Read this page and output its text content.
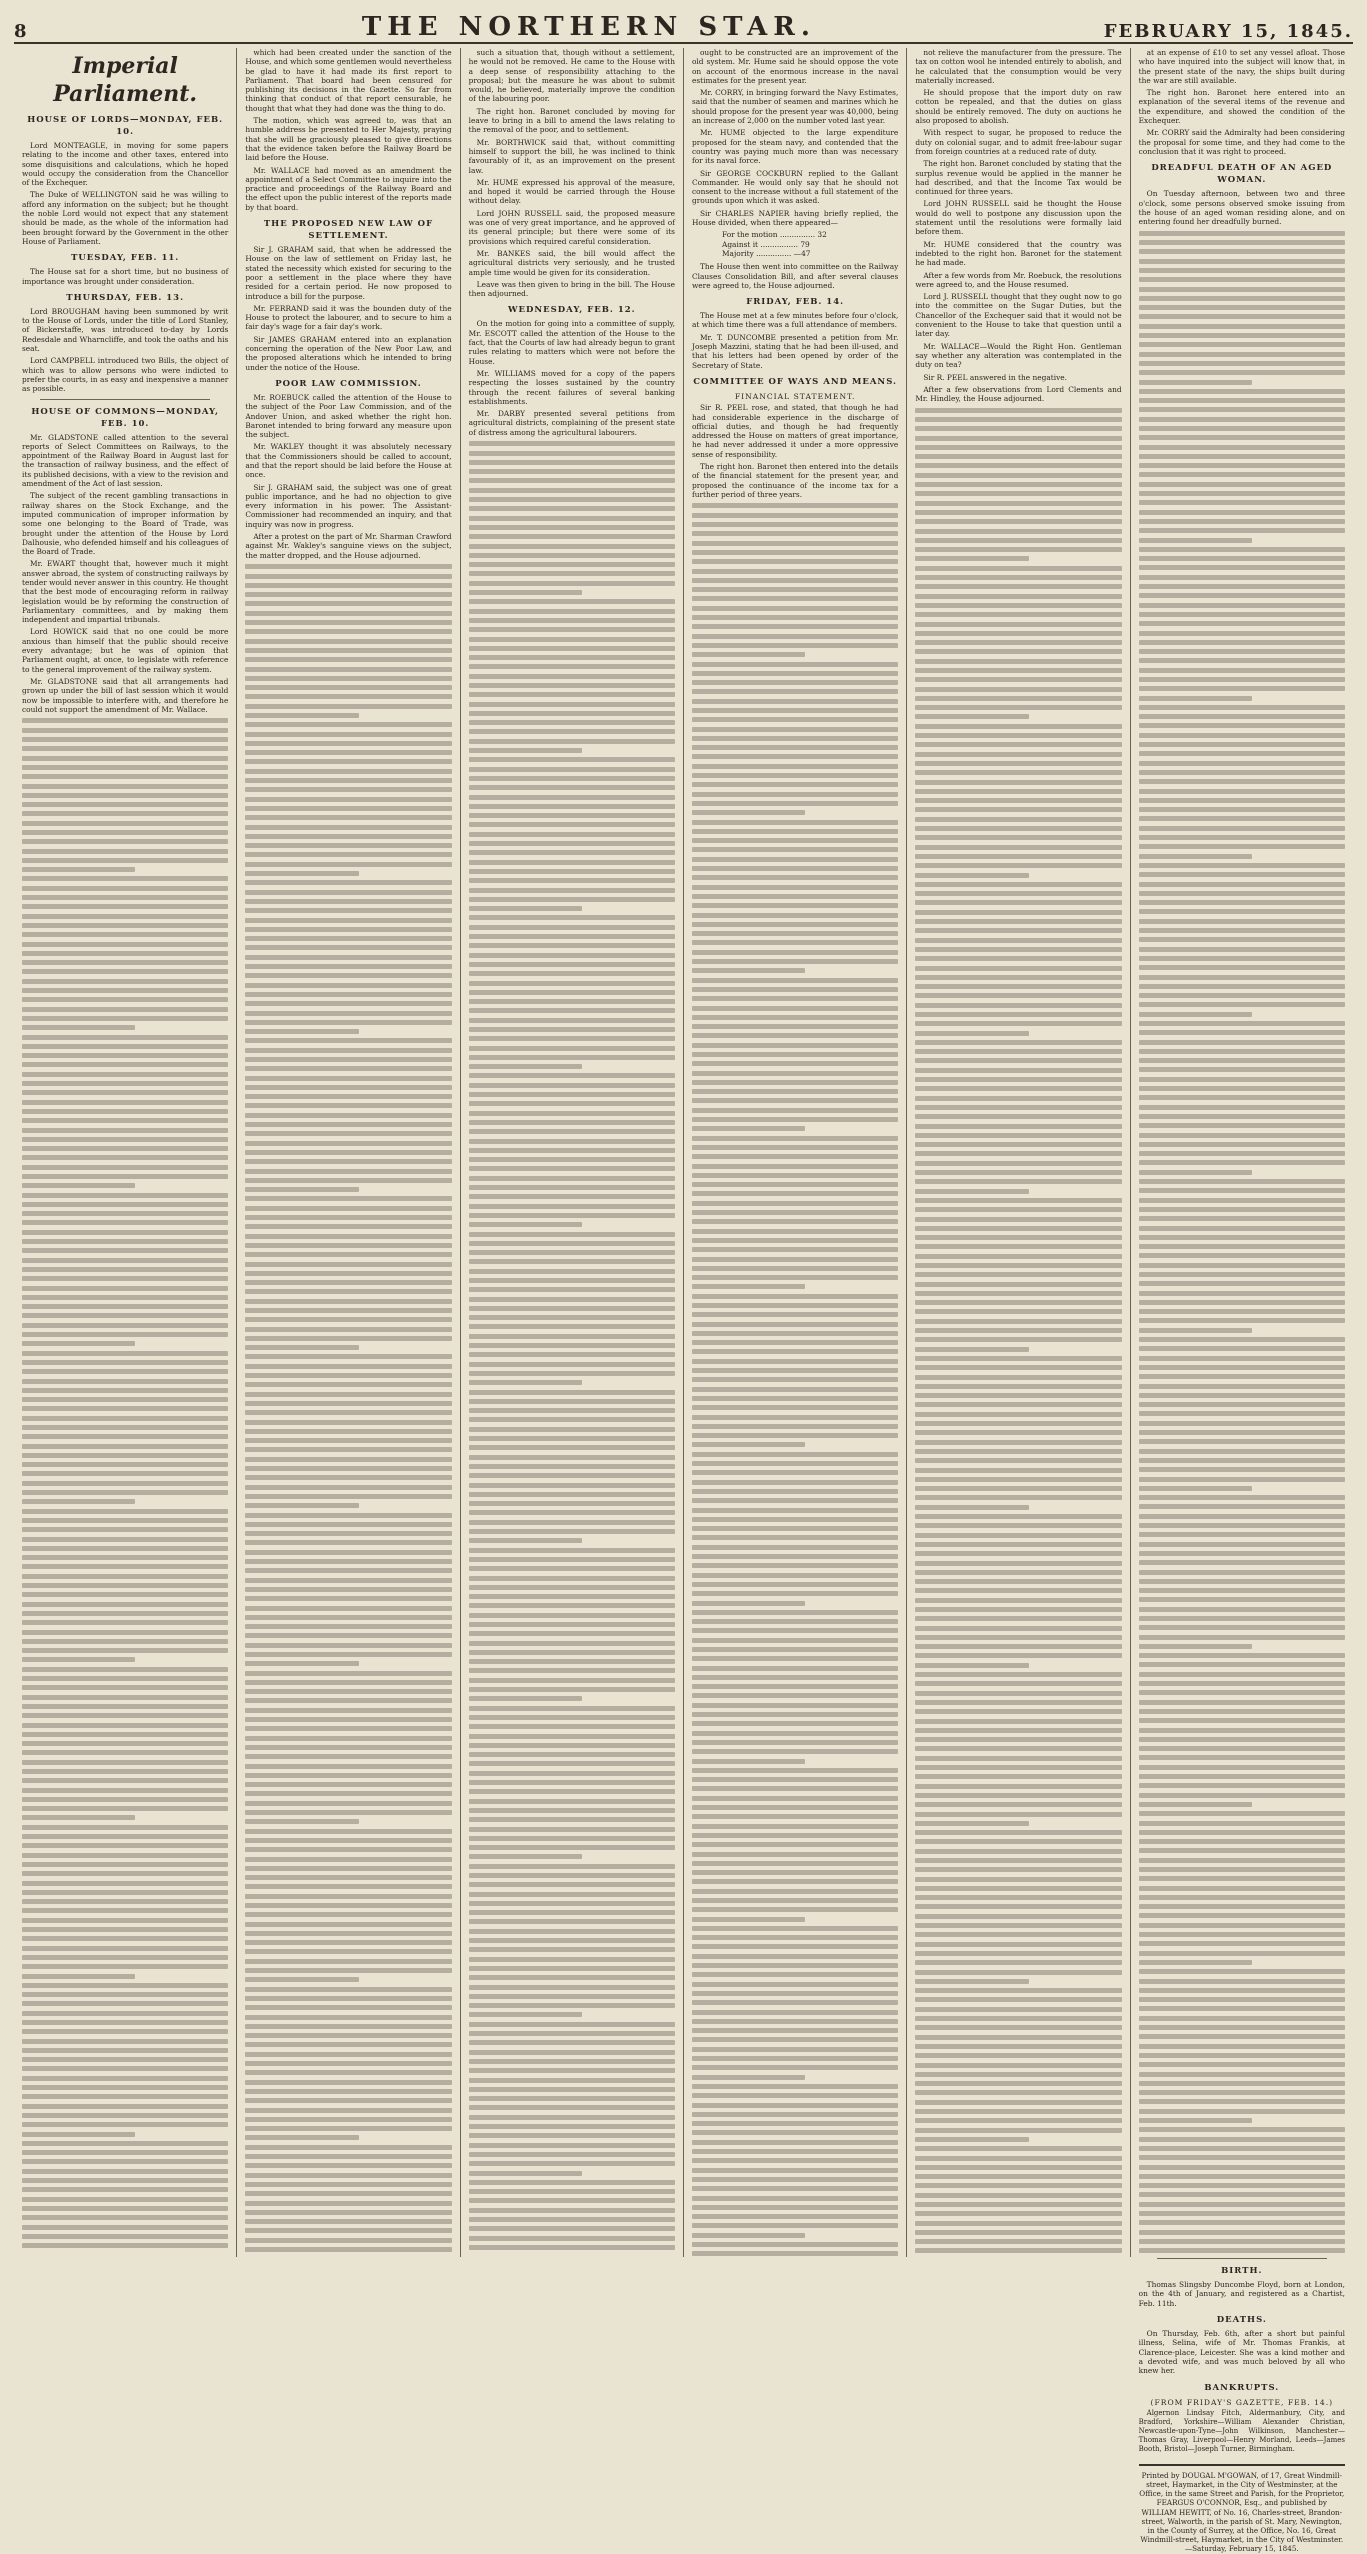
8	THE NORTHERN STAR.	FEBRUARY 15, 1845.
Imperial Parliament.
HOUSE OF LORDS—MONDAY, FEB. 10.

Lord MONTEAGLE, in moving for some papers relating to the income and other taxes, entered into some disquisitions and calculations, which he hoped would occupy the consideration from the Chancellor of the Exchequer.

The Duke of WELLINGTON said he was willing to afford any information on the subject; but he thought the noble Lord would not expect that any statement should be made, as the whole of the information had been brought forward by the Government in the other House of Parliament.

TUESDAY, FEB. 11.

The House sat for a short time, but no business of importance was brought under consideration.

THURSDAY, FEB. 13.

Lord BROUGHAM having been summoned by writ to the House of Lords, under the title of Lord Stanley, of Bickerstaffe, was introduced to-day by Lords Redesdale and Wharncliffe, and took the oaths and his seat.

Lord CAMPBELL introduced two Bills, the object of which was to allow persons who were indicted to prefer the courts, in as easy and inexpensive a manner as possible.

HOUSE OF COMMONS—MONDAY, FEB. 10.

Mr. GLADSTONE called attention to the several reports of Select Committees on Railways, to the appointment of the Railway Board in August last for the transaction of railway business, and the effect of its published decisions, with a view to the revision and amendment of the Act of last session.

The subject of the recent gambling transactions in railway shares on the Stock Exchange, and the imputed communication of improper information by some one belonging to the Board of Trade, was brought under the attention of the House by Lord Dalhousie, who defended himself and his colleagues of the Board of Trade.

Mr. EWART thought that, however much it might answer abroad, the system of constructing railways by tender would never answer in this country. He thought that the best mode of encouraging reform in railway legislation would be by reforming the construction of Parliamentary committees, and by making them independent and impartial tribunals.

Lord HOWICK said that no one could be more anxious than himself that the public should receive every advantage; but he was of opinion that Parliament ought, at once, to legislate with reference to the general improvement of the railway system.

Mr. GLADSTONE said that all arrangements had grown up under the bill of last session which it would now be impossible to interfere with, and therefore he could not support the amendment of Mr. Wallace.

which had been created under the sanction of the House, and which some gentlemen would nevertheless be glad to have it had made its first report to Parliament. That board had been censured for publishing its decisions in the Gazette. So far from thinking that conduct of that report censurable, he thought that what they had done was the thing to do.

The motion, which was agreed to, was that an humble address be presented to Her Majesty, praying that she will be graciously pleased to give directions that the evidence taken before the Railway Board be laid before the House.

Mr. WALLACE had moved as an amendment the appointment of a Select Committee to inquire into the practice and proceedings of the Railway Board and the effect upon the public interest of the reports made by that board.

THE PROPOSED NEW LAW OF SETTLEMENT.

Sir J. GRAHAM said, that when he addressed the House on the law of settlement on Friday last, he stated the necessity which existed for securing to the poor a settlement in the place where they have resided for a certain period. He now proposed to introduce a bill for the purpose.

Mr. FERRAND said it was the bounden duty of the House to protect the labourer, and to secure to him a fair day's wage for a fair day's work.

Sir JAMES GRAHAM entered into an explanation concerning the operation of the New Poor Law, and the proposed alterations which he intended to bring under the notice of the House.

POOR LAW COMMISSION.

Mr. ROEBUCK called the attention of the House to the subject of the Poor Law Commission, and of the Andover Union, and asked whether the right hon. Baronet intended to bring forward any measure upon the subject.

Mr. WAKLEY thought it was absolutely necessary that the Commissioners should be called to account, and that the report should be laid before the House at once.

Sir J. GRAHAM said, the subject was one of great public importance, and he had no objection to give every information in his power. The Assistant-Commissioner had recommended an inquiry, and that inquiry was now in progress.

After a protest on the part of Mr. Sharman Crawford against Mr. Wakley's sanguine views on the subject, the matter dropped, and the House adjourned.

such a situation that, though without a settlement, he would not be removed. He came to the House with a deep sense of responsibility attaching to the proposal; but the measure he was about to submit would, he believed, materially improve the condition of the labouring poor.

The right hon. Baronet concluded by moving for leave to bring in a bill to amend the laws relating to the removal of the poor, and to settlement.

Mr. BORTHWICK said that, without committing himself to support the bill, he was inclined to think favourably of it, as an improvement on the present law.

Mr. HUME expressed his approval of the measure, and hoped it would be carried through the House without delay.

Lord JOHN RUSSELL said, the proposed measure was one of very great importance, and he approved of its general principle; but there were some of its provisions which required careful consideration.

Mr. BANKES said, the bill would affect the agricultural districts very seriously, and he trusted ample time would be given for its consideration.

Leave was then given to bring in the bill. The House then adjourned.

WEDNESDAY, FEB. 12.

On the motion for going into a committee of supply, Mr. ESCOTT called the attention of the House to the fact, that the Courts of law had already begun to grant rules relating to matters which were not before the House.

Mr. WILLIAMS moved for a copy of the papers respecting the losses sustained by the country through the recent failures of several banking establishments.

Mr. DARBY presented several petitions from agricultural districts, complaining of the present state of distress among the agricultural labourers.

ought to be constructed are an improvement of the old system. Mr. Hume said he should oppose the vote on account of the enormous increase in the naval estimates for the present year.

Mr. CORRY, in bringing forward the Navy Estimates, said that the number of seamen and marines which he should propose for the present year was 40,000, being an increase of 2,000 on the number voted last year.

Mr. HUME objected to the large expenditure proposed for the steam navy, and contended that the country was paying much more than was necessary for its naval force.

Sir GEORGE COCKBURN replied to the Gallant Commander. He would only say that he should not consent to the increase without a full statement of the grounds upon which it was asked.

Sir CHARLES NAPIER having briefly replied, the House divided, when there appeared—

For the motion ............... 32
Against it ................ 79
Majority ............... —47

The House then went into committee on the Railway Clauses Consolidation Bill, and after several clauses were agreed to, the House adjourned.

FRIDAY, FEB. 14.

The House met at a few minutes before four o'clock, at which time there was a full attendance of members.

Mr. T. DUNCOMBE presented a petition from Mr. Joseph Mazzini, stating that he had been ill-used, and that his letters had been opened by order of the Secretary of State.

COMMITTEE OF WAYS AND MEANS.
FINANCIAL STATEMENT.

Sir R. PEEL rose, and stated, that though he had had considerable experience in the discharge of official duties, and though he had frequently addressed the House on matters of great importance, he had never addressed it under a more oppressive sense of responsibility.

The right hon. Baronet then entered into the details of the financial statement for the present year, and proposed the continuance of the income tax for a further period of three years.

not relieve the manufacturer from the pressure. The tax on cotton wool he intended entirely to abolish, and he calculated that the consumption would be very materially increased.

He should propose that the import duty on raw cotton be repealed, and that the duties on glass should be entirely removed. The duty on auctions he also proposed to abolish.

With respect to sugar, he proposed to reduce the duty on colonial sugar, and to admit free-labour sugar from foreign countries at a reduced rate of duty.

The right hon. Baronet concluded by stating that the surplus revenue would be applied in the manner he had described, and that the Income Tax would be continued for three years.

Lord JOHN RUSSELL said he thought the House would do well to postpone any discussion upon the statement until the resolutions were formally laid before them.

Mr. HUME considered that the country was indebted to the right hon. Baronet for the statement he had made.

After a few words from Mr. Roebuck, the resolutions were agreed to, and the House resumed.

Lord J. RUSSELL thought that they ought now to go into the committee on the Sugar Duties, but the Chancellor of the Exchequer said that it would not be convenient to the House to take that question until a later day.

Mr. WALLACE—Would the Right Hon. Gentleman say whether any alteration was contemplated in the duty on tea?

Sir R. PEEL answered in the negative.

After a few observations from Lord Clements and Mr. Hindley, the House adjourned.

at an expense of £10 to set any vessel afloat. Those who have inquired into the subject will know that, in the present state of the navy, the ships built during the war are still available.

The right hon. Baronet here entered into an explanation of the several items of the revenue and the expenditure, and showed the condition of the Exchequer.

Mr. CORRY said the Admiralty had been considering the proposal for some time, and they had come to the conclusion that it was right to proceed.

DREADFUL DEATH OF AN AGED WOMAN.

On Tuesday afternoon, between two and three o'clock, some persons observed smoke issuing from the house of an aged woman residing alone, and on entering found her dreadfully burned.

BIRTH.

Thomas Slingsby Duncombe Floyd, born at London, on the 4th of January, and registered as a Chartist, Feb. 11th.

DEATHS.

On Thursday, Feb. 6th, after a short but painful illness, Selina, wife of Mr. Thomas Frankis, at Clarence-place, Leicester. She was a kind mother and a devoted wife, and was much beloved by all who knew her.

BANKRUPTS.
(FROM FRIDAY'S GAZETTE, FEB. 14.)

Algernon Lindsay Fitch, Aldermanbury, City, and Bradford, Yorkshire—William Alexander Christian, Newcastle-upon-Tyne—John Wilkinson, Manchester—Thomas Gray, Liverpool—Henry Morland, Leeds—James Booth, Bristol—Joseph Turner, Birmingham.

Printed by DOUGAL M'GOWAN, of 17, Great Windmill-street, Haymarket, in the City of Westminster, at the Office, in the same Street and Parish, for the Proprietor, FEARGUS O'CONNOR, Esq., and published by WILLIAM HEWITT, of No. 16, Charles-street, Brandon-street, Walworth, in the parish of St. Mary, Newington, in the County of Surrey, at the Office, No. 16, Great Windmill-street, Haymarket, in the City of Westminster.—Saturday, February 15, 1845.
